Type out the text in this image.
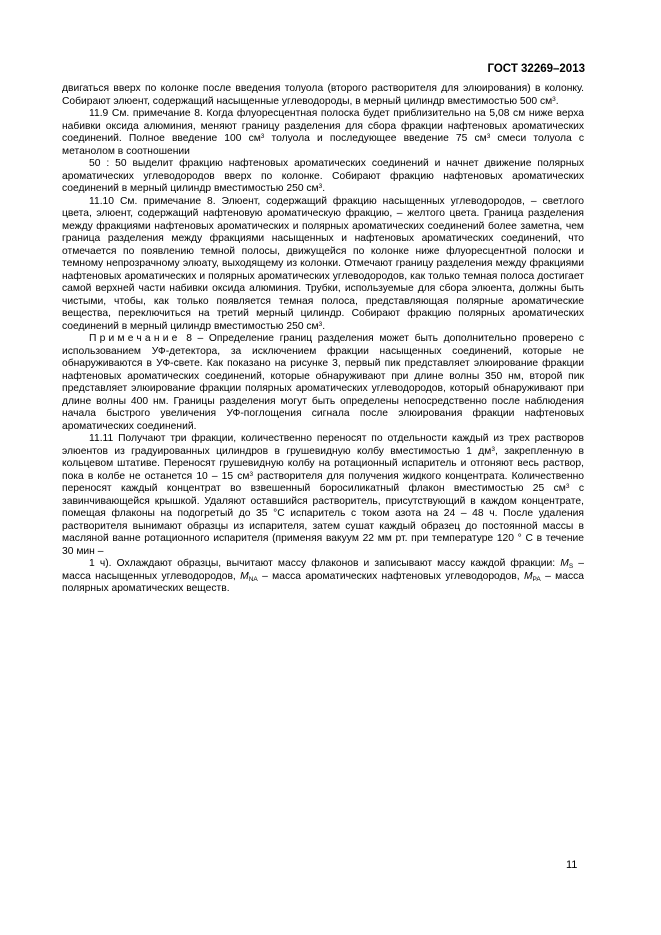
ГОСТ 32269–2013

двигаться вверх по колонке после введения толуола (второго растворителя для элюирования) в колонку. Собирают элюент, содержащий насыщенные углеводороды, в мерный цилиндр вместимостью 500 $см^3$.

11.9 См. примечание 8. Когда флуоресцентная полоска будет приблизительно на 5,08 см ниже верха набивки оксида алюминия, меняют границу разделения для сбора фракции нафтеновых ароматических соединений. Полное введение 100 $см^3$ толуола и последующее введение 75 $см^3$ смеси толуола с метанолом в соотношении

50 : 50 выделит фракцию нафтеновых ароматических соединений и начнет движение полярных ароматических углеводородов вверх по колонке. Собирают фракцию нафтеновых ароматических соединений в мерный цилиндр вместимостью 250 $см^3$.

11.10 См. примечание 8. Элюент, содержащий фракцию насыщенных углеводородов, – светлого цвета, элюент, содержащий нафтеновую ароматическую фракцию, – желтого цвета. Граница разделения между фракциями нафтеновых ароматических и полярных ароматических соединений более заметна, чем граница разделения между фракциями насыщенных и нафтеновых ароматических соединений, что отмечается по появлению темной полосы, движущейся по колонке ниже флуоресцентной полоски и темному непрозрачному элюату, выходящему из колонки. Отмечают границу разделения между фракциями нафтеновых ароматических и полярных ароматических углеводородов, как только темная полоса достигает самой верхней части набивки оксида алюминия. Трубки, используемые для сбора элюента, должны быть чистыми, чтобы, как только появляется темная полоса, представляющая полярные ароматические вещества, переключиться на третий мерный цилиндр. Собирают фракцию полярных ароматических соединений в мерный цилиндр вместимостью 250 $см^3$.

Примечание 8 – Определение границ разделения может быть дополнительно проверено с использованием УФ-детектора, за исключением фракции насыщенных соединений, которые не обнаруживаются в УФ-свете. Как показано на рисунке 3, первый пик представляет элюирование фракции нафтеновых ароматических соединений, которые обнаруживают при длине волны 350 нм, второй пик представляет элюирование фракции полярных ароматических углеводородов, который обнаруживают при длине волны 400 нм. Границы разделения могут быть определены непосредственно после наблюдения начала быстрого увеличения УФ-поглощения сигнала после элюирования фракции нафтеновых ароматических соединений.

11.11 Получают три фракции, количественно переносят по отдельности каждый из трех растворов элюентов из градуированных цилиндров в грушевидную колбу вместимостью 1 $дм^3$, закрепленную в кольцевом штативе. Переносят грушевидную колбу на ротационный испаритель и отгоняют весь раствор, пока в колбе не останется 10 – 15 $см^3$ растворителя для получения жидкого концентрата. Количественно переносят каждый концентрат во взвешенный боросиликатный флакон вместимостью 25 $см^3$ с завинчивающейся крышкой. Удаляют оставшийся растворитель, присутствующий в каждом концентрате, помещая флаконы на подогретый до 35 °С испаритель с током азота на 24 – 48 ч. После удаления растворителя вынимают образцы из испарителя, затем сушат каждый образец до постоянной массы в масляной ванне ротационного испарителя (применяя вакуум 22 мм рт. при температуре 120 ° С в течение 30 мин –

1 ч). Охлаждают образцы, вычитают массу флаконов и записывают массу каждой фракции: $M_S$ – масса насыщенных углеводородов, $M_{NA}$ – масса ароматических нафтеновых углеводородов, $M_{PA}$ – масса полярных ароматических веществ.

11
